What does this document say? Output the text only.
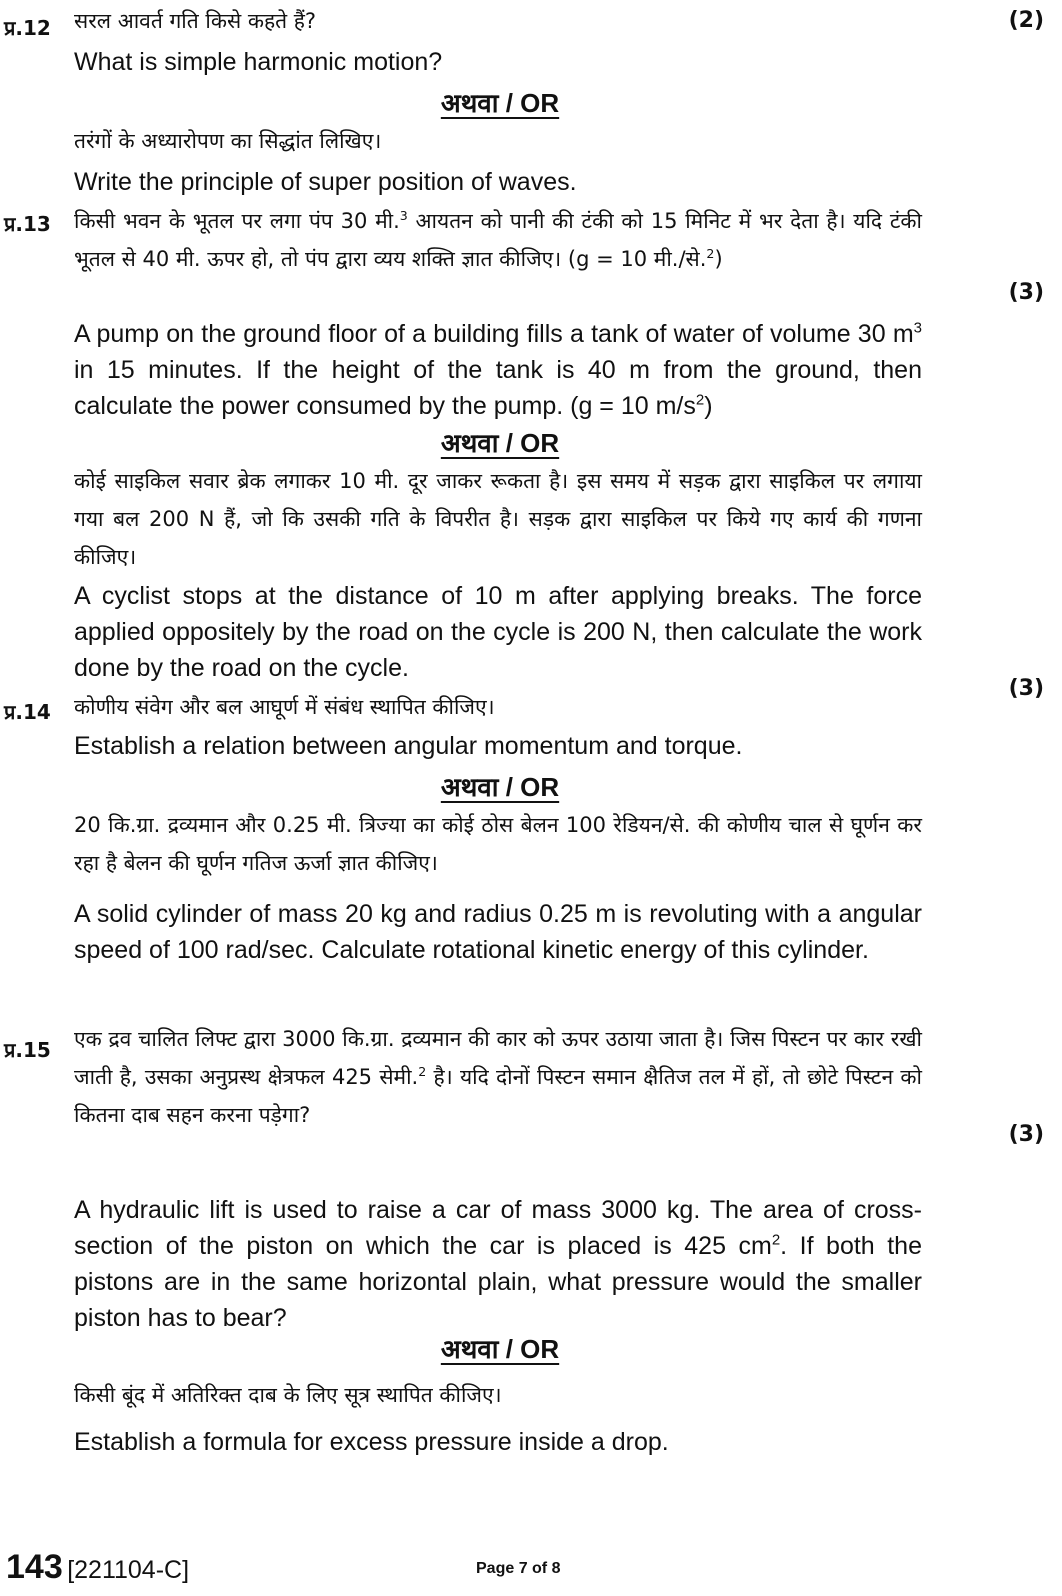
प्र.12	(2)

सरल आवर्त गति किसे कहते हैं?

What is simple harmonic motion?

अथवा / OR

तरंगों के अध्यारोपण का सिद्धांत लिखिए।

Write the principle of super position of waves.

प्र.13
(3)

किसी भवन के भूतल पर लगा पंप 30 मी.$^3$ आयतन को पानी की टंकी को 15 मिनिट में भर देता है। यदि टंकी भूतल से 40 मी. ऊपर हो, तो पंप द्वारा व्यय शक्ति ज्ञात कीजिए। (g = 10 मी./से.$^2$)

A pump on the ground floor of a building fills a tank of water of volume 30 $m^3$ in 15 minutes. If the height of the tank is 40 m from the ground, then calculate the power consumed by the pump. (g = 10 $m/s^2$)

अथवा / OR

कोई साइकिल सवार ब्रेक लगाकर 10 मी. दूर जाकर रूकता है। इस समय में सड़क द्वारा साइकिल पर लगाया गया बल 200 N हैं, जो कि उसकी गति के विपरीत है। सड़क द्वारा साइकिल पर किये गए कार्य की गणना कीजिए।

A cyclist stops at the distance of 10 m after applying breaks. The force applied oppositely by the road on the cycle is 200 N, then calculate the work done by the road on the cycle.

प्र.14
(3)

कोणीय संवेग और बल आघूर्ण में संबंध स्थापित कीजिए।

Establish a relation between angular momentum and torque.

अथवा / OR

20 कि.ग्रा. द्रव्यमान और 0.25 मी. त्रिज्या का कोई ठोस बेलन 100 रेडियन/से. की कोणीय चाल से घूर्णन कर रहा है बेलन की घूर्णन गतिज ऊर्जा ज्ञात कीजिए।

A solid cylinder of mass 20 kg and radius 0.25 m is revoluting with a angular speed of 100 rad/sec. Calculate rotational kinetic energy of this cylinder.

प्र.15
(3)

एक द्रव चालित लिफ्ट द्वारा 3000 कि.ग्रा. द्रव्यमान की कार को ऊपर उठाया जाता है। जिस पिस्टन पर कार रखी जाती है, उसका अनुप्रस्थ क्षेत्रफल 425 सेमी.$^2$ है। यदि दोनों पिस्टन समान क्षैतिज तल में हों, तो छोटे पिस्टन को कितना दाब सहन करना पड़ेगा?

A hydraulic lift is used to raise a car of mass 3000 kg. The area of cross-section of the piston on which the car is placed is 425 $cm^2$. If both the pistons are in the same horizontal plain, what pressure would the smaller piston has to bear?

अथवा / OR

किसी बूंद में अतिरिक्त दाब के लिए सूत्र स्थापित कीजिए।

Establish a formula for excess pressure inside a drop.

143 [221104-C]	Page 7 of 8
